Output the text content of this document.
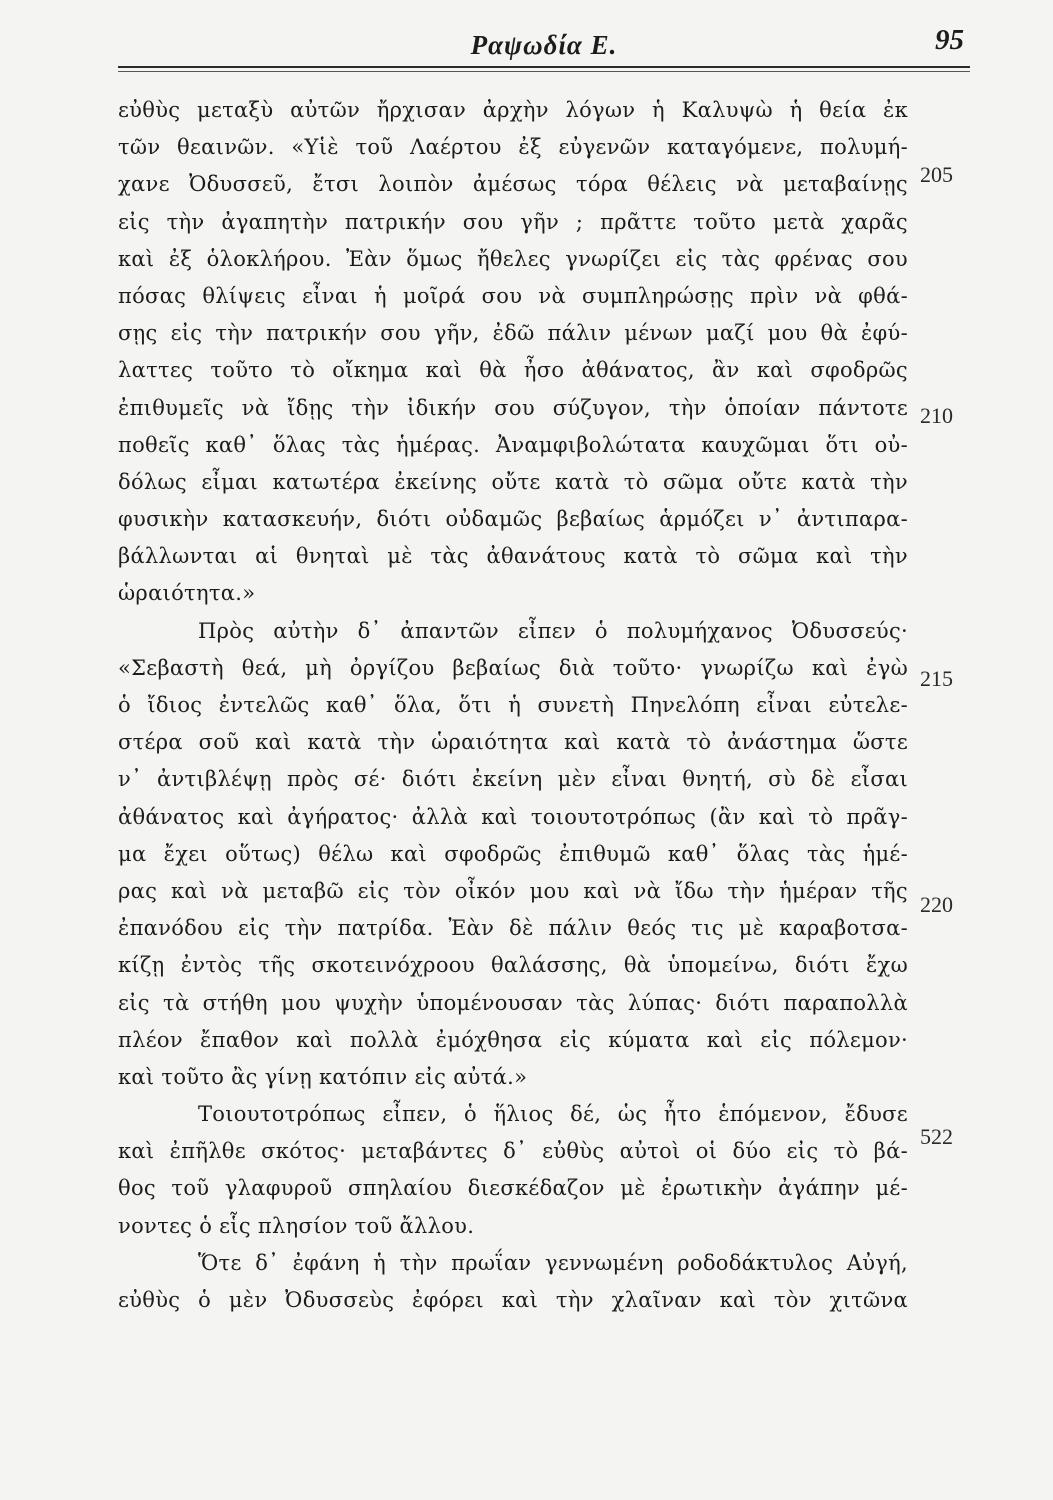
Ραψωδία Ε.	95
εὐθὺς μεταξὺ αὐτῶν ἤρχισαν ἀρχὴν λόγων ἡ Καλυψὼ ἡ θεία ἐκ
τῶν θεαινῶν. «Υἱὲ τοῦ Λαέρτου ἐξ εὐγενῶν καταγόμενε, πολυμή-
χανε Ὀδυσσεῦ, ἔτσι λοιπὸν ἀμέσως τόρα θέλεις νὰ μεταβαίνῃς
εἰς τὴν ἀγαπητὴν πατρικήν σου γῆν ; πρᾶττε τοῦτο μετὰ χαρᾶς
καὶ ἐξ ὁλοκλήρου. Ἐὰν ὅμως ἤθελες γνωρίζει εἰς τὰς φρένας σου
πόσας θλίψεις εἶναι ἡ μοῖρά σου νὰ συμπληρώσῃς πρὶν νὰ φθά-
σῃς εἰς τὴν πατρικήν σου γῆν, ἐδῶ πάλιν μένων μαζί μου θὰ ἐφύ-
λαττες τοῦτο τὸ οἴκημα καὶ θὰ ἦσο ἀθάνατος, ἂν καὶ σφοδρῶς
ἐπιθυμεῖς νὰ ἴδῃς τὴν ἰδικήν σου σύζυγον, τὴν ὁποίαν πάντοτε
ποθεῖς καθ᾽ ὅλας τὰς ἡμέρας. Ἀναμφιβολώτατα καυχῶμαι ὅτι οὐ-
δόλως εἶμαι κατωτέρα ἐκείνης οὔτε κατὰ τὸ σῶμα οὔτε κατὰ τὴν
φυσικὴν κατασκευήν, διότι οὐδαμῶς βεβαίως ἁρμόζει ν᾽ ἀντιπαρα-
βάλλωνται αἱ θνηταὶ μὲ τὰς ἀθανάτους κατὰ τὸ σῶμα καὶ τὴν
ὡραιότητα.»
Πρὸς αὐτὴν δ᾽ ἀπαντῶν εἶπεν ὁ πολυμήχανος Ὀδυσσεύς·
«Σεβαστὴ θεά, μὴ ὀργίζου βεβαίως διὰ τοῦτο· γνωρίζω καὶ ἐγὼ
ὁ ἴδιος ἐντελῶς καθ᾽ ὅλα, ὅτι ἡ συνετὴ Πηνελόπη εἶναι εὐτελε-
στέρα σοῦ καὶ κατὰ τὴν ὡραιότητα καὶ κατὰ τὸ ἀνάστημα ὥστε
ν᾽ ἀντιβλέψῃ πρὸς σέ· διότι ἐκείνη μὲν εἶναι θνητή, σὺ δὲ εἶσαι
ἀθάνατος καὶ ἀγήρατος· ἀλλὰ καὶ τοιουτοτρόπως (ἂν καὶ τὸ πρᾶγ-
μα ἔχει οὕτως) θέλω καὶ σφοδρῶς ἐπιθυμῶ καθ᾽ ὅλας τὰς ἡμέ-
ρας καὶ νὰ μεταβῶ εἰς τὸν οἶκόν μου καὶ νὰ ἴδω τὴν ἡμέραν τῆς
ἐπανόδου εἰς τὴν πατρίδα. Ἐὰν δὲ πάλιν θεός τις μὲ καραβοτσα-
κίζῃ ἐντὸς τῆς σκοτεινόχροου θαλάσσης, θὰ ὑπομείνω, διότι ἔχω
εἰς τὰ στήθη μου ψυχὴν ὑπομένουσαν τὰς λύπας· διότι παραπολλὰ
πλέον ἔπαθον καὶ πολλὰ ἐμόχθησα εἰς κύματα καὶ εἰς πόλεμον·
καὶ τοῦτο ἂς γίνῃ κατόπιν εἰς αὐτά.»
Τοιουτοτρόπως εἶπεν, ὁ ἥλιος δέ, ὡς ἦτο ἑπόμενον, ἔδυσε
καὶ ἐπῆλθε σκότος· μεταβάντες δ᾽ εὐθὺς αὐτοὶ οἱ δύο εἰς τὸ βά-
θος τοῦ γλαφυροῦ σπηλαίου διεσκέδαζον μὲ ἐρωτικὴν ἀγάπην μέ-
νοντες ὁ εἷς πλησίον τοῦ ἄλλου.
Ὅτε δ᾽ ἐφάνη ἡ τὴν πρωΐαν γεννωμένη ροδοδάκτυλος Αὐγή,
εὐθὺς ὁ μὲν Ὀδυσσεὺς ἐφόρει καὶ τὴν χλαῖναν καὶ τὸν χιτῶνα
205
210
215
220
522
